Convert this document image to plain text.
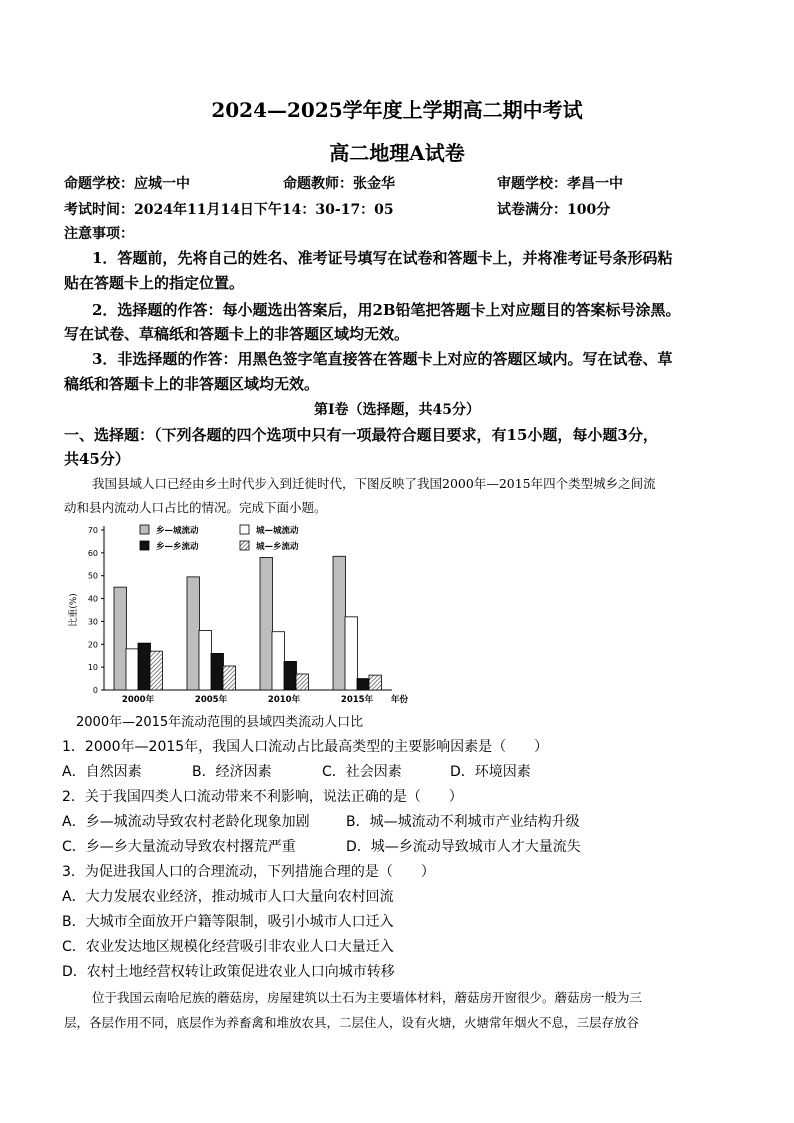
2024—2025学年度上学期高二期中考试
高二地理A试卷
命题学校：应城一中	命题教师：张金华	审题学校：孝昌一中
考试时间：2024年11月14日下午14：30-17：05	试卷满分：100分
注意事项：
1．答题前，先将自己的姓名、准考证号填写在试卷和答题卡上，并将准考证号条形码粘
贴在答题卡上的指定位置。
2．选择题的作答：每小题选出答案后，用2B铅笔把答题卡上对应题目的答案标号涂黑。
写在试卷、草稿纸和答题卡上的非答题区域均无效。
3．非选择题的作答：用黑色签字笔直接答在答题卡上对应的答题区域内。写在试卷、草
稿纸和答题卡上的非答题区域均无效。
第Ⅰ卷（选择题，共45分）
一、选择题：（下列各题的四个选项中只有一项最符合题目要求，有15小题，每小题3分，
共45分）
我国县域人口已经由乡土时代步入到迁徙时代，下图反映了我国2000年—2015年四个类型城乡之间流
动和县内流动人口占比的情况。完成下面小题。
0
10
20
30
40
50
60
70
比重(%)
2000年	2005年	2010年	2015年 年份
乡—城流动	城—城流动
乡—乡流动	城—乡流动
2000年—2015年流动范围的县域四类流动人口比
1．2000年—2015年，我国人口流动占比最高类型的主要影响因素是（　　）
A．自然因素	B．经济因素	C．社会因素	D．环境因素
2．关于我国四类人口流动带来不利影响，说法正确的是（　　）
A．乡—城流动导致农村老龄化现象加剧	B．城—城流动不利城市产业结构升级
C．乡—乡大量流动导致农村撂荒严重	D．城—乡流动导致城市人才大量流失
3．为促进我国人口的合理流动，下列措施合理的是（　　）
A．大力发展农业经济，推动城市人口大量向农村回流
B．大城市全面放开户籍等限制，吸引小城市人口迁入
C．农业发达地区规模化经营吸引非农业人口大量迁入
D．农村土地经营权转让政策促进农业人口向城市转移
位于我国云南哈尼族的蘑菇房，房屋建筑以土石为主要墙体材料，蘑菇房开窗很少。蘑菇房一般为三
层，各层作用不同，底层作为养畜禽和堆放农具，二层住人，设有火塘，火塘常年烟火不息，三层存放谷
